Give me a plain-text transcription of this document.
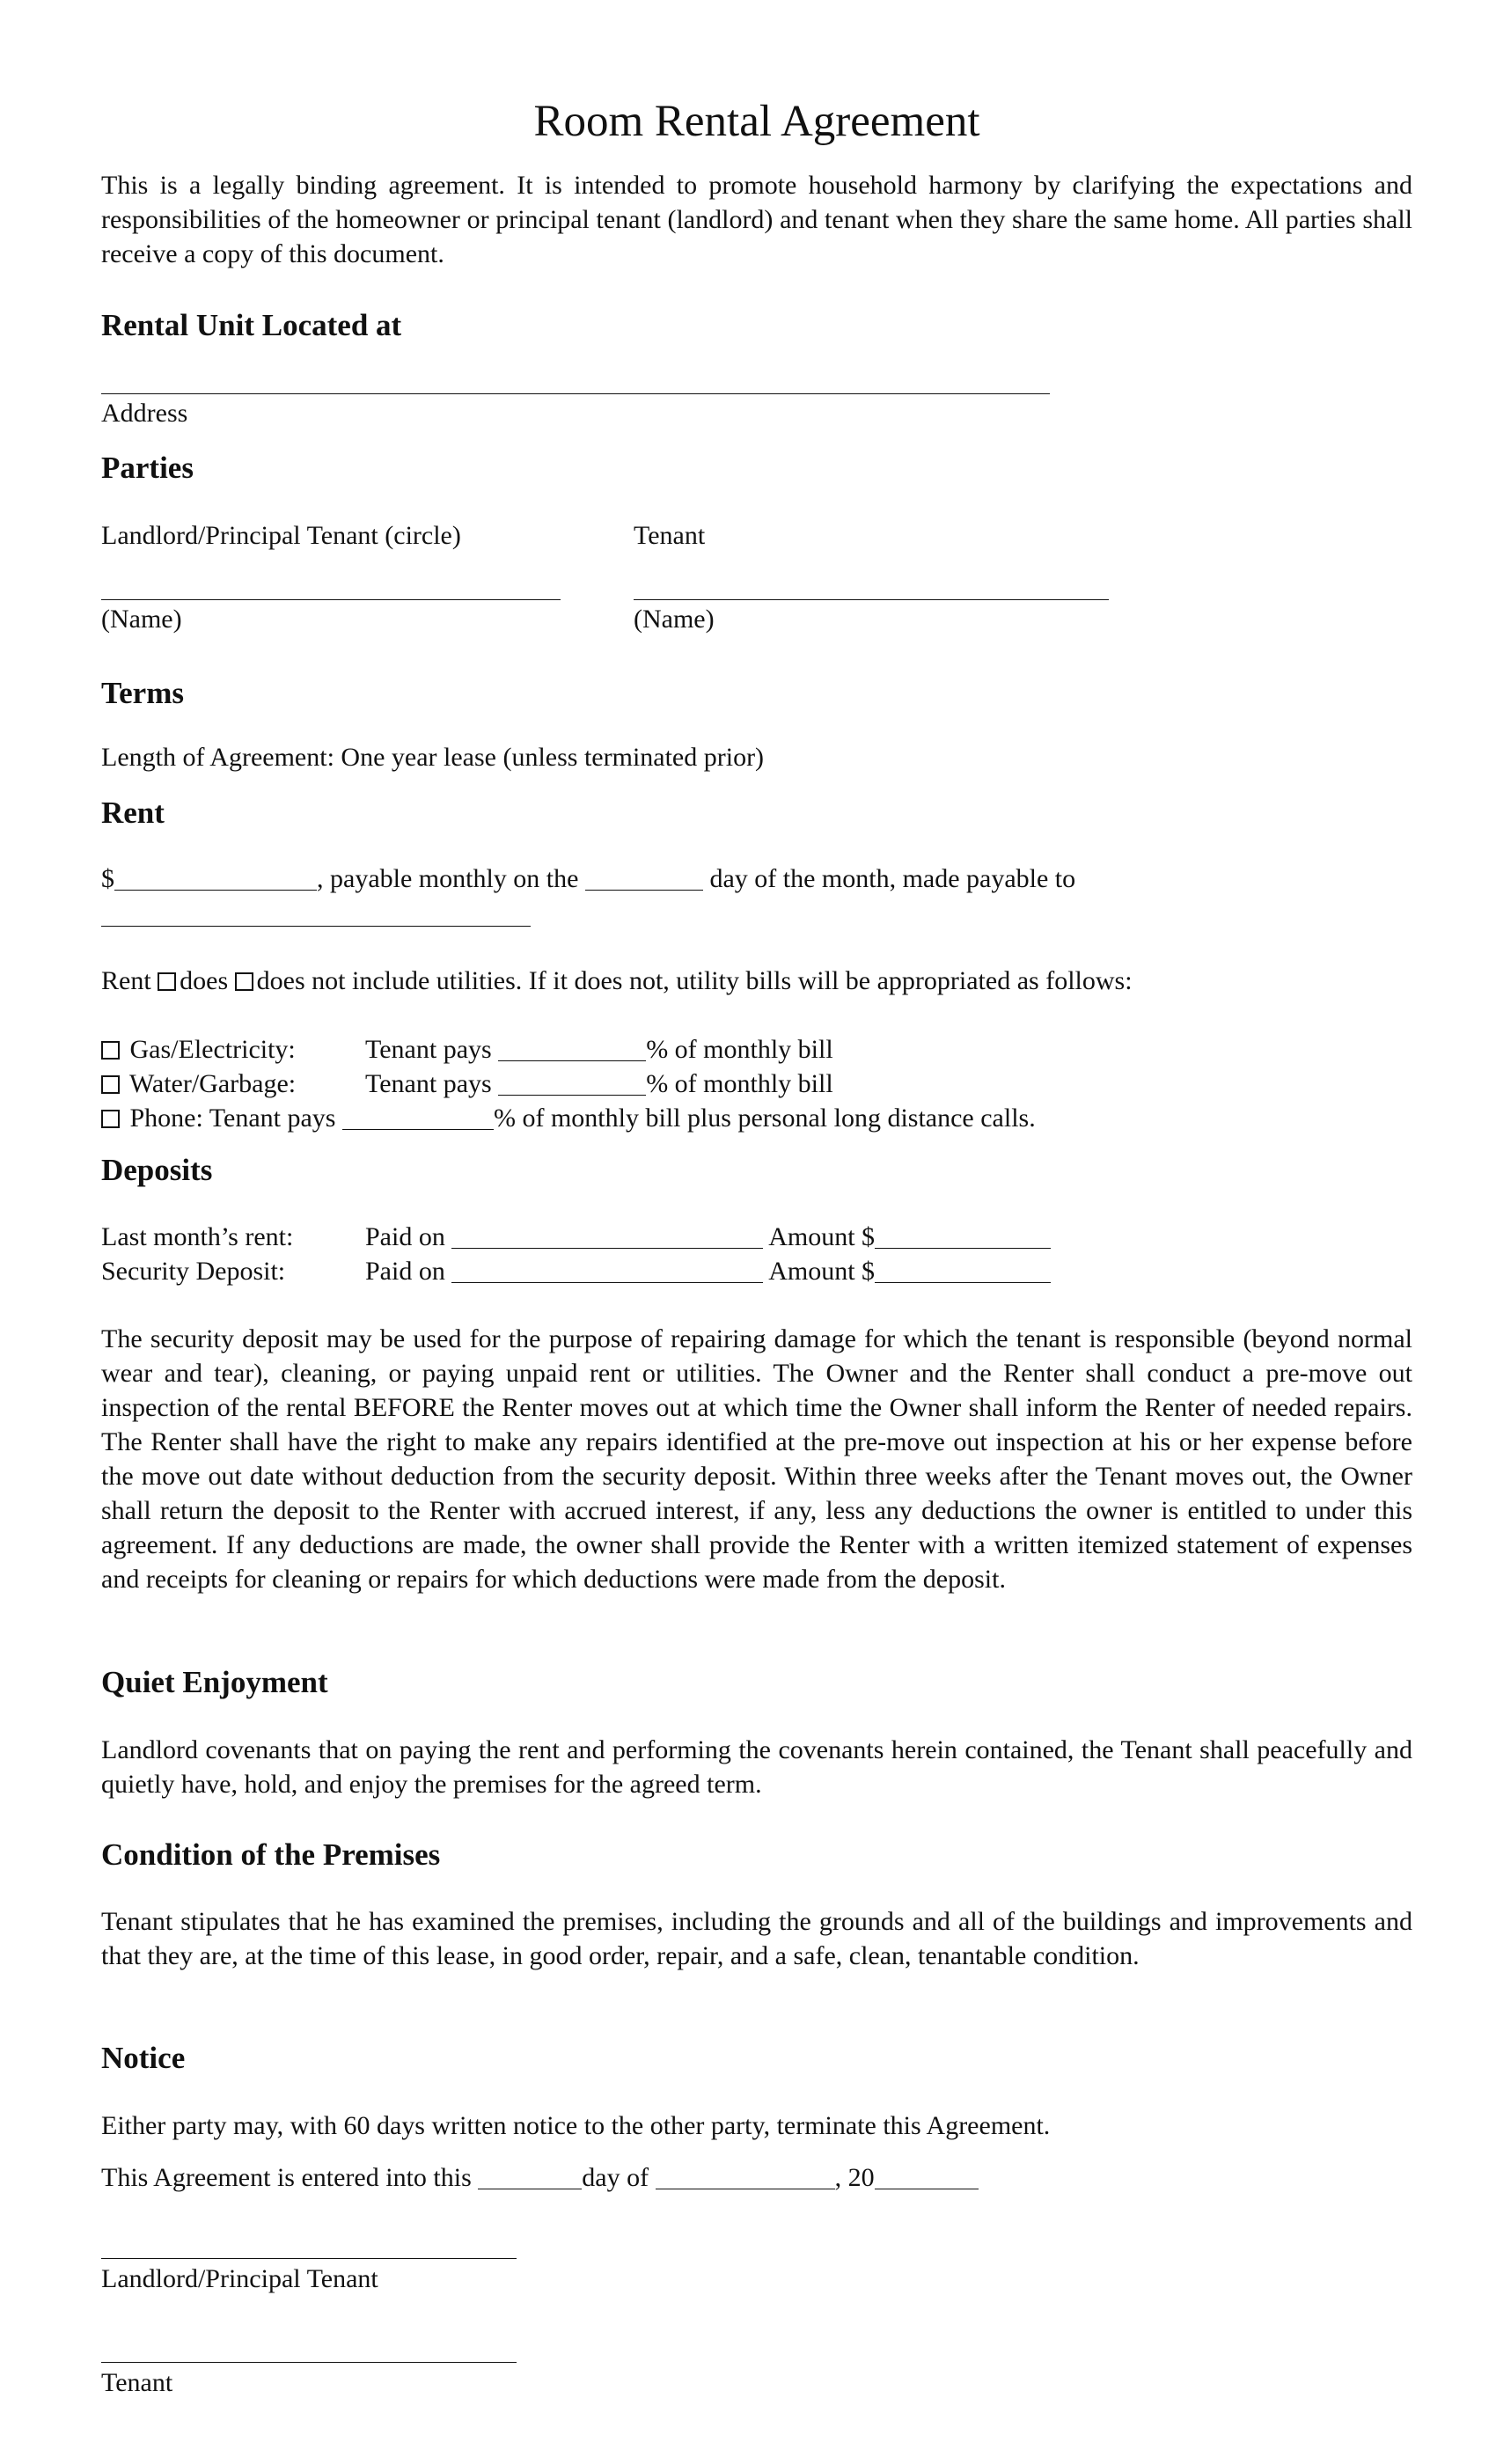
Room Rental Agreement
This is a legally binding agreement. It is intended to promote household harmony by clarifying the expectations and responsibilities of the homeowner or principal tenant (landlord) and tenant when they share the same home. All parties shall receive a copy of this document.
Rental Unit Located at
Address
Parties
Landlord/Principal Tenant (circle)	Tenant
(Name)	(Name)
Terms
Length of Agreement: One year lease (unless terminated prior)
Rent
$	, payable monthly on the	day of the month, made payable to
Rent does does not include utilities. If it does not, utility bills will be appropriated as follows:
Gas/Electricity:	Tenant pays	% of monthly bill
Water/Garbage:	Tenant pays	% of monthly bill
Phone: Tenant pays	% of monthly bill plus personal long distance calls.
Deposits
Last month’s rent:	Paid on	Amount $
Security Deposit:	Paid on	Amount $
The security deposit may be used for the purpose of repairing damage for which the tenant is responsible (beyond normal wear and tear), cleaning, or paying unpaid rent or utilities. The Owner and the Renter shall conduct a pre-move out inspection of the rental BEFORE the Renter moves out at which time the Owner shall inform the Renter of needed repairs. The Renter shall have the right to make any repairs identified at the pre-move out inspection at his or her expense before the move out date without deduction from the security deposit. Within three weeks after the Tenant moves out, the Owner shall return the deposit to the Renter with accrued interest, if any, less any deductions the owner is entitled to under this agreement. If any deductions are made, the owner shall provide the Renter with a written itemized statement of expenses and receipts for cleaning or repairs for which deductions were made from the deposit.
Quiet Enjoyment
Landlord covenants that on paying the rent and performing the covenants herein contained, the Tenant shall peacefully and quietly have, hold, and enjoy the premises for the agreed term.
Condition of the Premises
Tenant stipulates that he has examined the premises, including the grounds and all of the buildings and improvements and that they are, at the time of this lease, in good order, repair, and a safe, clean, tenantable condition.
Notice
Either party may, with 60 days written notice to the other party, terminate this Agreement.
This Agreement is entered into this	day of	, 20
Landlord/Principal Tenant
Tenant
